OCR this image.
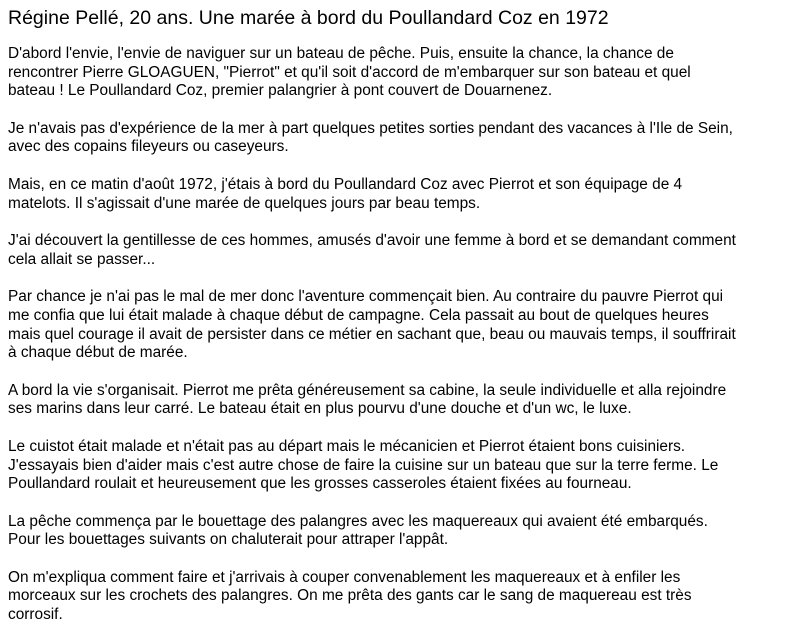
Régine Pellé, 20 ans. Une marée à bord du Poullandard Coz en 1972

D'abord l'envie, l'envie de naviguer sur un bateau de pêche. Puis, ensuite la chance, la chance de
rencontrer Pierre GLOAGUEN, "Pierrot" et qu'il soit d'accord de m'embarquer sur son bateau et quel
bateau ! Le Poullandard Coz, premier palangrier à pont couvert de Douarnenez.

Je n'avais pas d'expérience de la mer à part quelques petites sorties pendant des vacances à l'Ile de Sein,
avec des copains fileyeurs ou caseyeurs.

Mais, en ce matin d'août 1972, j'étais à bord du Poullandard Coz avec Pierrot et son équipage de 4
matelots. Il s'agissait d'une marée de quelques jours par beau temps.

J'ai découvert la gentillesse de ces hommes, amusés d'avoir une femme à bord et se demandant comment
cela allait se passer...

Par chance je n'ai pas le mal de mer donc l'aventure commençait bien. Au contraire du pauvre Pierrot qui
me confia que lui était malade à chaque début de campagne. Cela passait au bout de quelques heures
mais quel courage il avait de persister dans ce métier en sachant que, beau ou mauvais temps, il souffrirait
à chaque début de marée.

A bord la vie s'organisait. Pierrot me prêta généreusement sa cabine, la seule individuelle et alla rejoindre
ses marins dans leur carré. Le bateau était en plus pourvu d'une douche et d'un wc, le luxe.

Le cuistot était malade et n'était pas au départ mais le mécanicien et Pierrot étaient bons cuisiniers.
J'essayais bien d'aider mais c'est autre chose de faire la cuisine sur un bateau que sur la terre ferme. Le
Poullandard roulait et heureusement que les grosses casseroles étaient fixées au fourneau.

La pêche commença par le bouettage des palangres avec les maquereaux qui avaient été embarqués.
Pour les bouettages suivants on chaluterait pour attraper l'appât.

On m'expliqua comment faire et j'arrivais à couper convenablement les maquereaux et à enfiler les
morceaux sur les crochets des palangres. On me prêta des gants car le sang de maquereau est très
corrosif.
